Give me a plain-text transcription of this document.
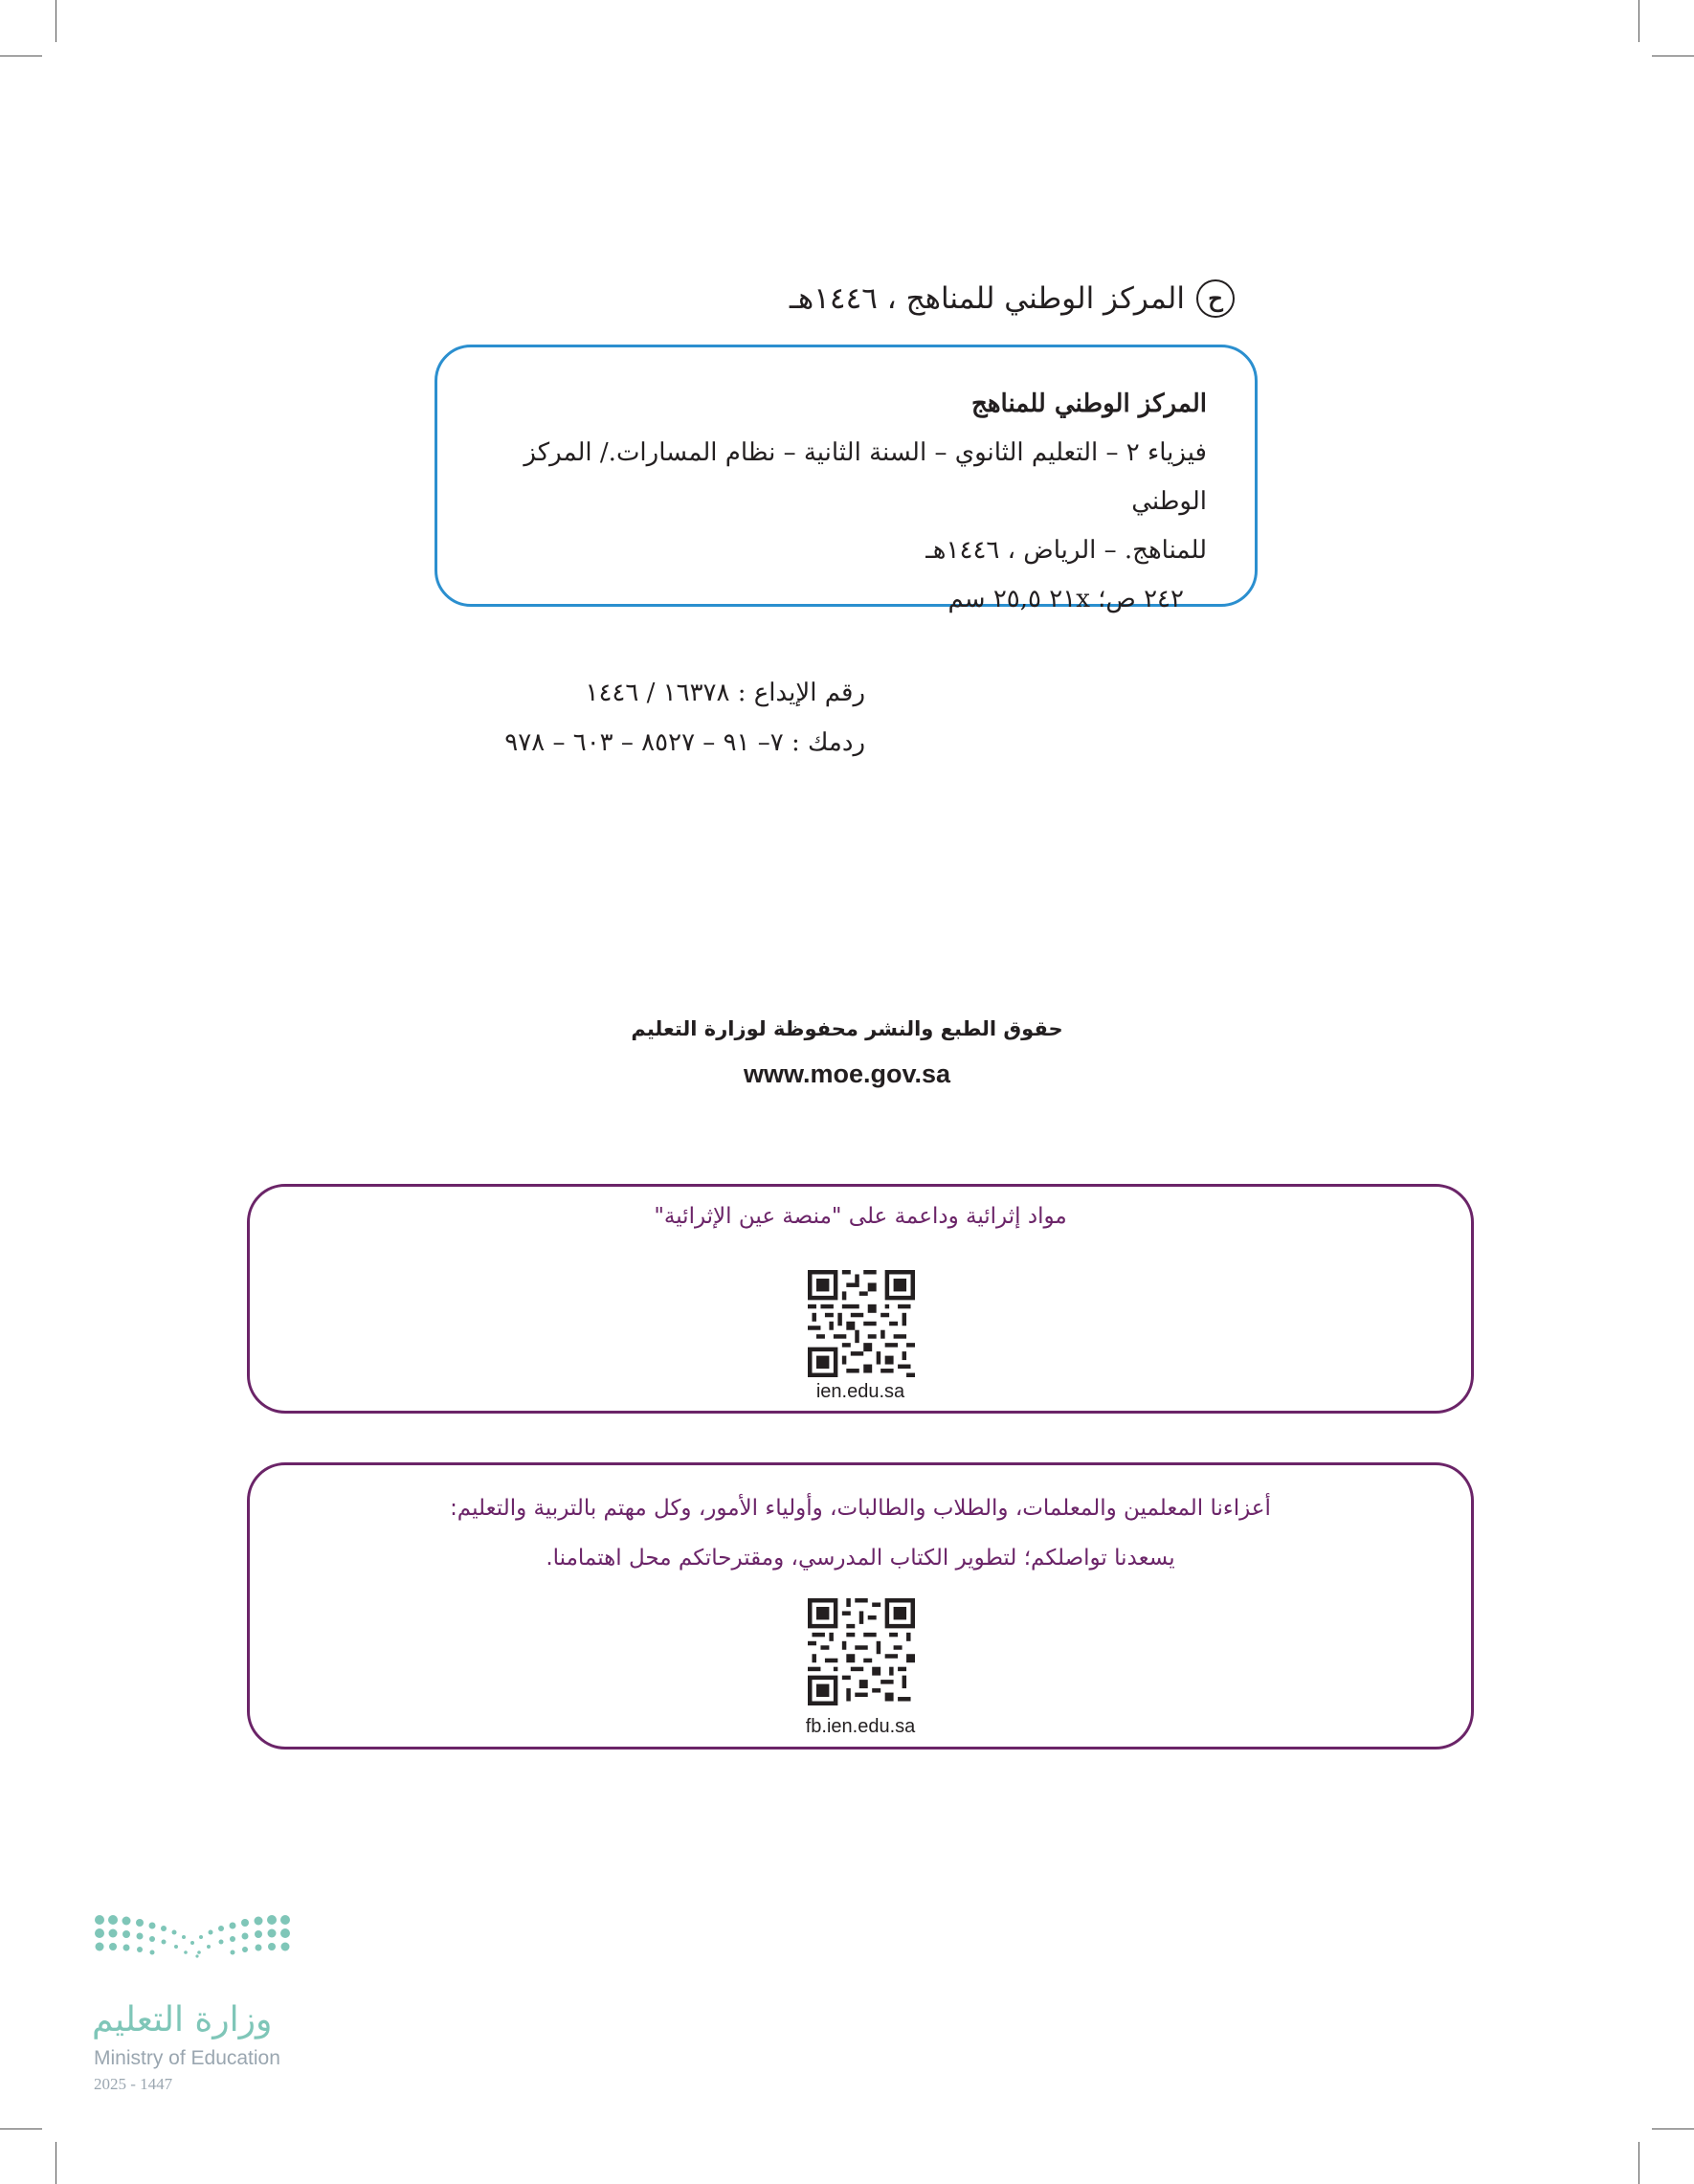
ح
المركز الوطني للمناهج ، ١٤٤٦هـ
المركز الوطني للمناهج
فيزياء ٢ – التعليم الثانوي – السنة الثانية – نظام المسارات./ المركز الوطني
للمناهج. – الرياض ، ١٤٤٦هـ
٢٤٢ ص؛ ٢١x ٢٥,٥ سم
رقم الإيداع : ١٦٣٧٨ / ١٤٤٦
ردمك : ٧– ٩١ – ٨٥٢٧ – ٦٠٣ – ٩٧٨
حقوق الطبع والنشر محفوظة لوزارة التعليم
www.moe.gov.sa
مواد إثرائية وداعمة على "منصة عين الإثرائية"
ien.edu.sa
أعزاءنا المعلمين والمعلمات، والطلاب والطالبات، وأولياء الأمور، وكل مهتم بالتربية والتعليم:
يسعدنا تواصلكم؛ لتطوير الكتاب المدرسي، ومقترحاتكم محل اهتمامنا.
fb.ien.edu.sa
وزارة التعليم
Ministry of Education
2025 - 1447
